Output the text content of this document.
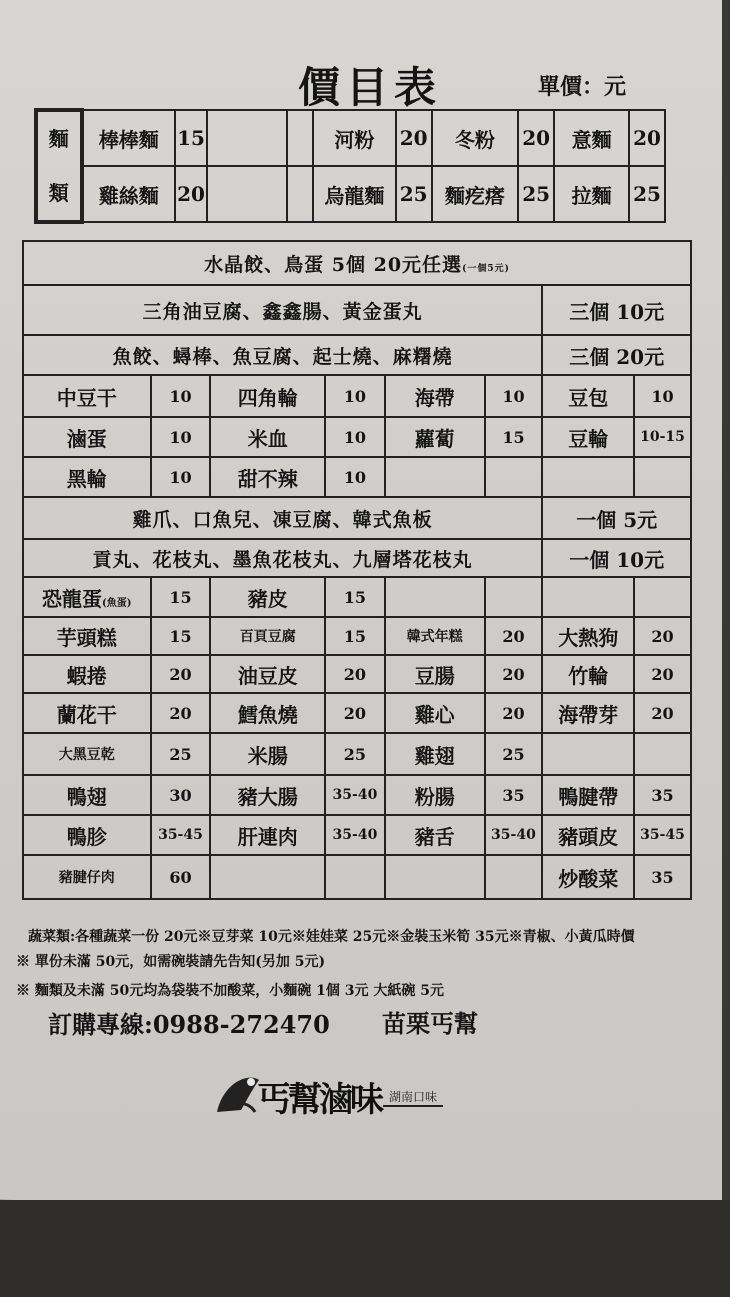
價目表	單價：元
麵
類	棒棒麵	15			河粉	20	冬粉	20	意麵	20
	雞絲麵	20			烏龍麵	25	麵疙瘩	25	拉麵	25
水晶餃、鳥蛋 5個 20元任選(一個5元)							
三角油豆腐、鑫鑫腸、黃金蛋丸						三個 10元	
魚餃、蟳棒、魚豆腐、起士燒、麻糬燒						三個 20元	
中豆干	10	四角輪	10	海帶	10	豆包	10
滷蛋	10	米血	10	蘿蔔	15	豆輪	10-15
黑輪	10	甜不辣	10				
雞爪、口魚兒、凍豆腐、韓式魚板						一個 5元	
貢丸、花枝丸、墨魚花枝丸、九層塔花枝丸						一個 10元	
恐龍蛋(魚蛋)	15	豬皮	15				
芋頭糕	15	百頁豆腐	15	韓式年糕	20	大熱狗	20
蝦捲	20	油豆皮	20	豆腸	20	竹輪	20
蘭花干	20	鱈魚燒	20	雞心	20	海帶芽	20
大黑豆乾	25	米腸	25	雞翅	25		
鴨翅	30	豬大腸	35-40	粉腸	35	鴨腱帶	35
鴨胗	35-45	肝連肉	35-40	豬舌	35-40	豬頭皮	35-45
豬腱仔肉	60					炒酸菜	35
蔬菜類:各種蔬菜一份 20元※豆芽菜 10元※娃娃菜 25元※金裝玉米筍 35元※青椒、小黃瓜時價
※ 單份未滿 50元，如需碗裝請先告知(另加 5元)
※ 麵類及未滿 50元均為袋裝不加酸菜，小麵碗 1個 3元 大紙碗 5元
訂購專線:0988-272470 苗栗丐幫
丐幫滷味 湖南口味
